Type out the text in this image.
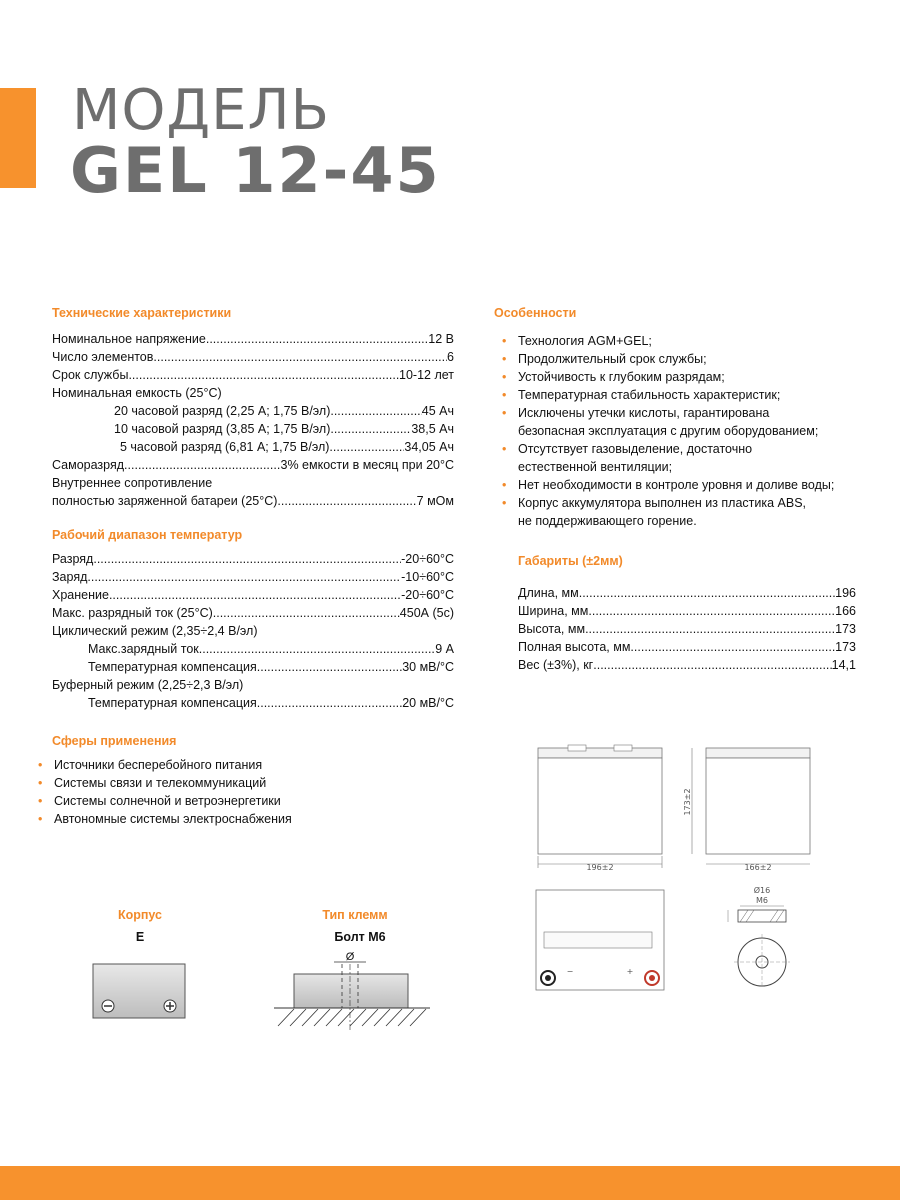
МОДЕЛЬ
GEL 12-45
Технические характеристики
Номинальное напряжение .....	12 В
Число элементов .....	6
Срок службы .....	10-12 лет
Номинальная емкость (25°С)
20 часовой разряд (2,25 А; 1,75 В/эл) .....	45 Ач
10 часовой разряд (3,85 А; 1,75 В/эл) .....	38,5 Ач
5 часовой разряд (6,81 А; 1,75 В/эл) .....	34,05 Ач
Саморазряд .....	3% емкости в месяц при 20°С
Внутреннее сопротивление
полностью заряженной батареи (25°С) .....	7 мОм
Рабочий диапазон температур
Разряд .....	-20÷60°С
Заряд .....	-10÷60°С
Хранение .....	-20÷60°С
Макс. разрядный ток (25°С) .....	450А (5с)
Циклический режим (2,35÷2,4 В/эл)
Макс.зарядный ток .....	9 А
Температурная компенсация .....	30 мВ/°С
Буферный режим (2,25÷2,3 В/эл)
Температурная компенсация .....	20 мВ/°С
Сферы применения
• Источники бесперебойного питания
• Системы связи и телекоммуникаций
• Системы солнечной и ветроэнергетики
• Автономные системы электроснабжения
Особенности
• Технология AGM+GEL;
• Продолжительный срок службы;
• Устойчивость к глубоким разрядам;
• Температурная стабильность характеристик;
• Исключены утечки кислоты, гарантирована
безопасная эксплуатация с другим оборудованием;
• Отсутствует газовыделение, достаточно
естественной вентиляции;
• Нет необходимости в контроле уровня и доливе воды;
• Корпус аккумулятора выполнен из пластика ABS,
не поддерживающего горение.
Габариты (±2мм)
Длина, мм .....	196
Ширина, мм .....	166
Высота, мм .....	173
Полная высота, мм .....	173
Вес (±3%), кг .....	14,1
Корпус
E
Тип клемм
Болт М6
Ø
196±2
173±2
166±2
−	+
Ø16
M6
